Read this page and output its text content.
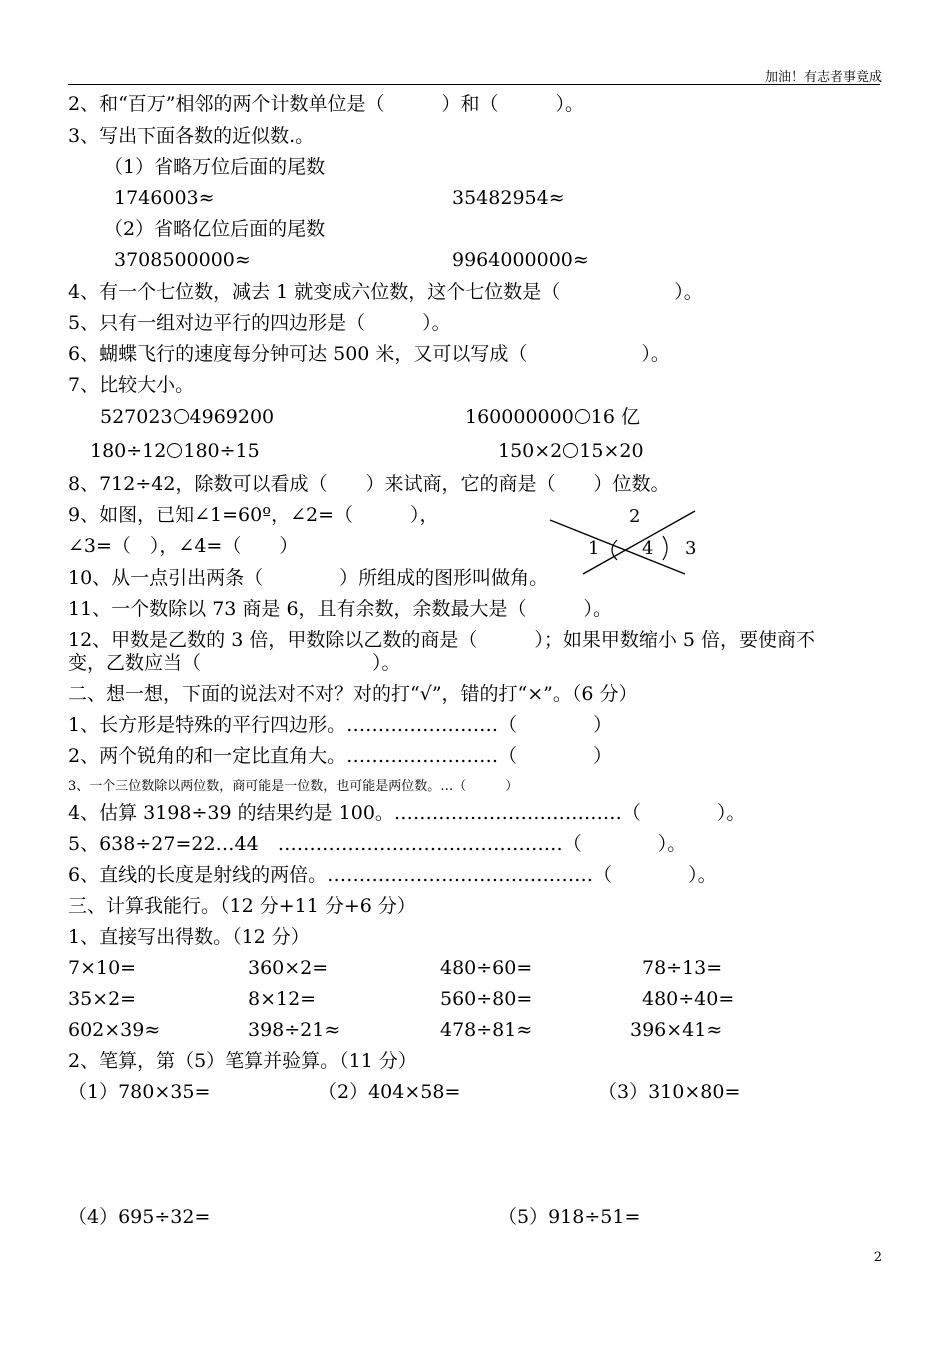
加油！有志者事竟成
2、和“百万”相邻的两个计数单位是（　　　）和（　　　）。
3、写出下面各数的近似数.。
（1）省略万位后面的尾数
1746003≈	35482954≈
（2）省略亿位后面的尾数
3708500000≈	9964000000≈
4、有一个七位数，减去 1 就变成六位数，这个七位数是（　　　　　　）。
5、只有一组对边平行的四边形是（　　　）。
6、蝴蝶飞行的速度每分钟可达 500 米，又可以写成（　　　　　　）。
7、比较大小。
527023 4969200	160000000 16 亿
180÷12 180÷15	150×2 15×20
8、712÷42，除数可以看成（　　）来试商，它的商是（　　）位数。
9、如图，已知∠1=60º，∠2=（　　　），
∠3=（　），∠4=（　　）
2
1 4 3
10、从一点引出两条（　　　　）所组成的图形叫做角。
11、一个数除以 73 商是 6，且有余数，余数最大是（　　　）。
12、甲数是乙数的 3 倍，甲数除以乙数的商是（　　　）；如果甲数缩小 5 倍，要使商不
变，乙数应当（　　　　　　　　　）。
二、想一想，下面的说法对不对？对的打“√”，错的打“×”。（6 分）
1、长方形是特殊的平行四边形。……………………（　　　　）
2、两个锐角的和一定比直角大。……………………（　　　　）
3、一个三位数除以两位数，商可能是一位数，也可能是两位数。…（　　　）
4、估算 3198÷39 的结果约是 100。………………………………（　　　　）。
5、638÷27=22…44　………………………………………（　　　　）。
6、直线的长度是射线的两倍。……………………………………（　　　　）。
三、计算我能行。（12 分+11 分+6 分）
1、直接写出得数。（12 分）
7×10=	360×2=	480÷60=	78÷13=
35×2=	8×12=	560÷80=	480÷40=
602×39≈	398÷21≈	478÷81≈	396×41≈
2、笔算，第（5）笔算并验算。（11 分）
（1）780×35=	（2）404×58=	（3）310×80=
（4）695÷32=	（5）918÷51=
2
